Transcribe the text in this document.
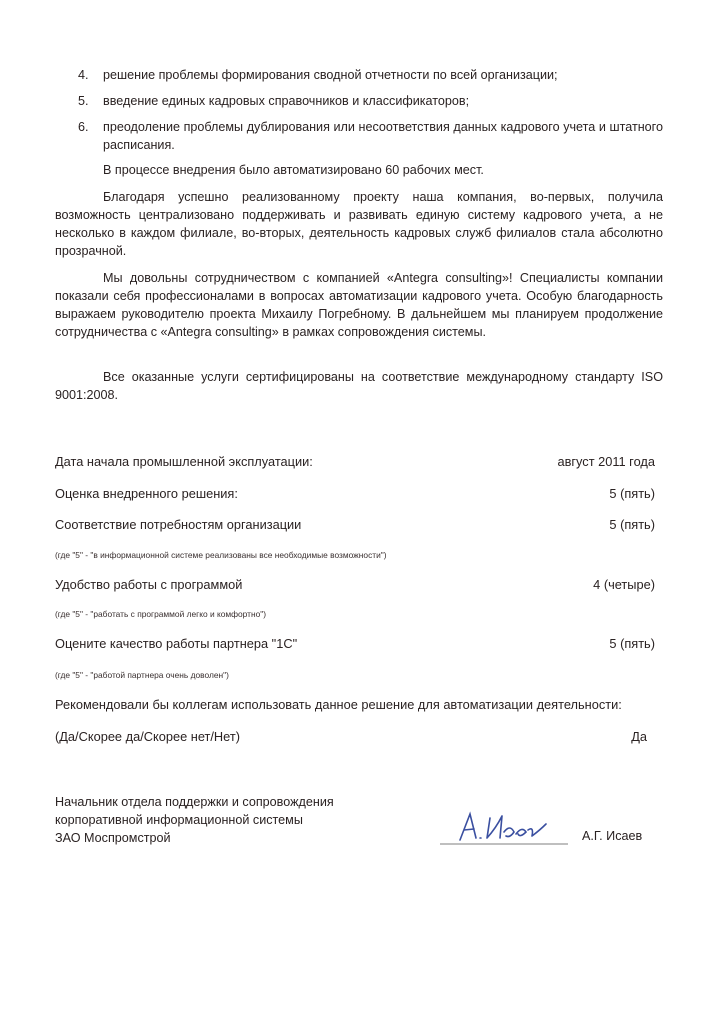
4.	решение проблемы формирования сводной отчетности по всей организации;
5.	введение единых кадровых справочников и классификаторов;
6.	преодоление проблемы дублирования или несоответствия данных кадрового учета и штатного расписания.
В процессе внедрения было автоматизировано 60 рабочих мест.
Благодаря успешно реализованному проекту наша компания, во-первых, получила возможность централизовано поддерживать и развивать единую систему кадрового учета, а не несколько в каждом филиале, во-вторых, деятельность кадровых служб филиалов стала абсолютно прозрачной.
Мы довольны сотрудничеством с компанией «Antegra consulting»! Специалисты компании показали себя профессионалами в вопросах автоматизации кадрового учета. Особую благодарность выражаем руководителю проекта Михаилу Погребному. В дальнейшем мы планируем продолжение сотрудничества с «Antegra consulting» в рамках сопровождения системы.
Все оказанные услуги сертифицированы на соответствие международному стандарту ISO 9001:2008.
Дата начала промышленной эксплуатации:	август 2011 года
Оценка внедренного решения:	5 (пять)
Соответствие потребностям организации	5 (пять)
(где "5" - "в информационной системе реализованы все необходимые возможности")
Удобство работы с программой	4 (четыре)
(где "5" - "работать с программой легко и комфортно")
Оцените качество работы партнера "1С"	5 (пять)
(где "5" - "работой партнера очень доволен")
Рекомендовали бы коллегам использовать данное решение для автоматизации деятельности:
(Да/Скорее да/Скорее нет/Нет)	Да
Начальник отдела поддержки и сопровождения
корпоративной информационной системы
ЗАО Моспромстрой	А.Г. Исаев
